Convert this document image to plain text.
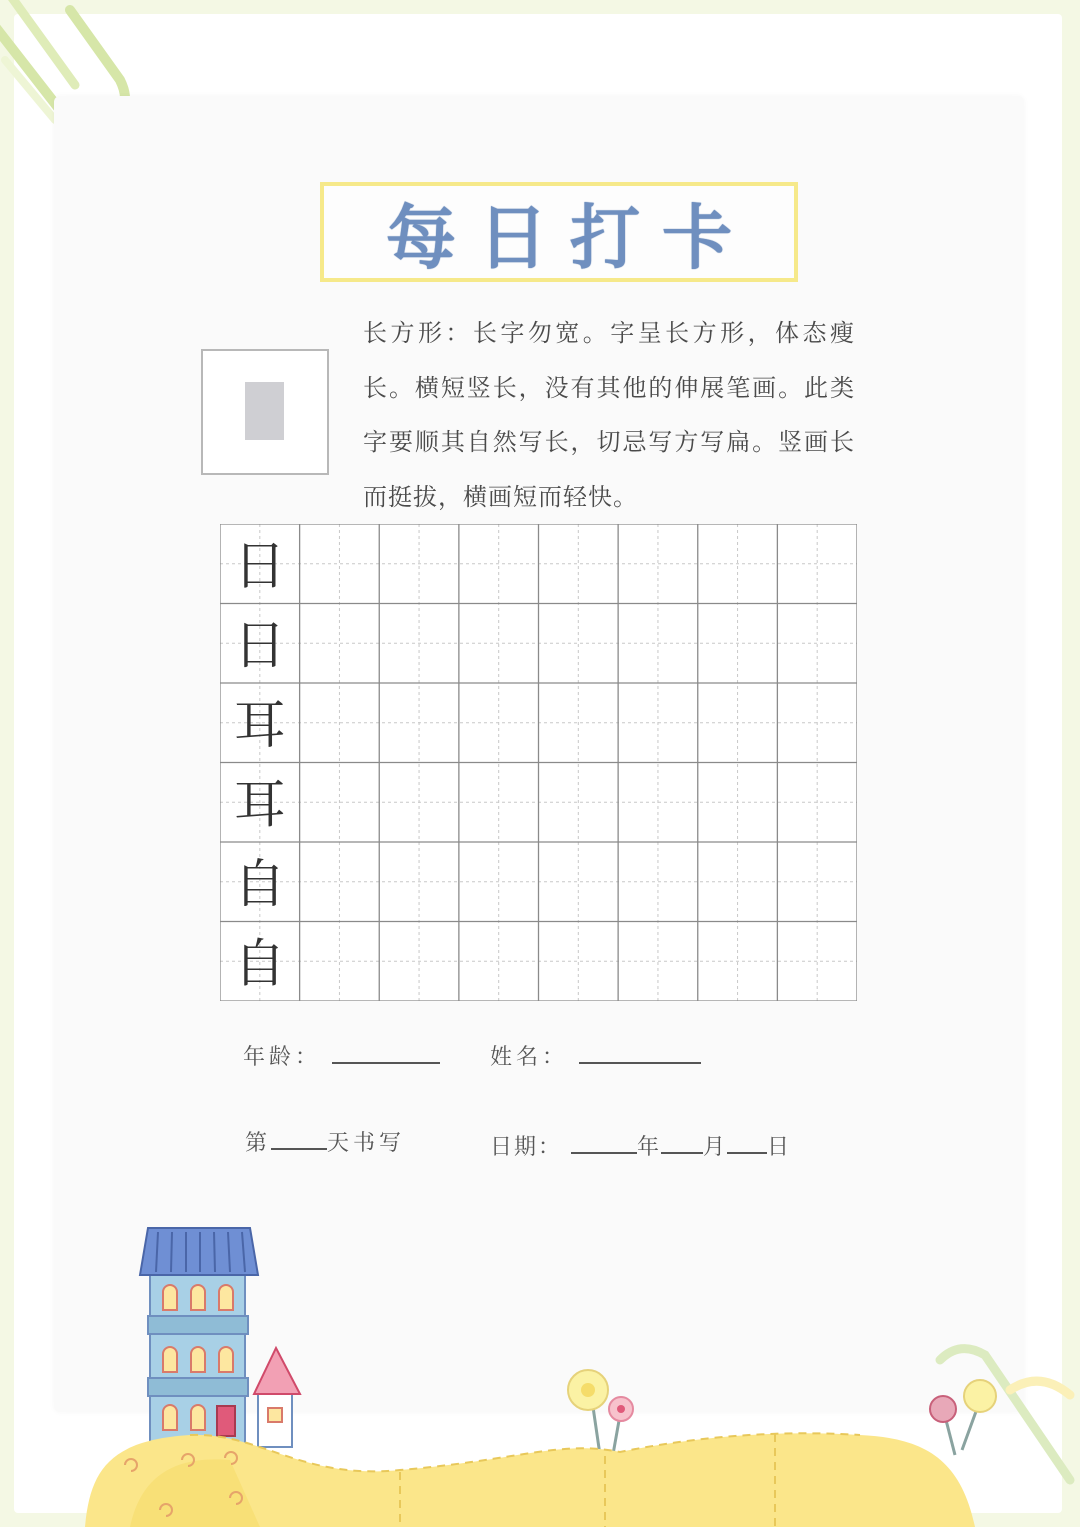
每日打卡
长方形：长字勿宽。字呈长方形，体态瘦长。横短竖长，没有其他的伸展笔画。此类字要顺其自然写长，切忌写方写扁。竖画长而挺拔，横画短而轻快。
日
日
耳
耳
自
自
年龄：	姓名：
第	天书写	日期：	年 月 日
